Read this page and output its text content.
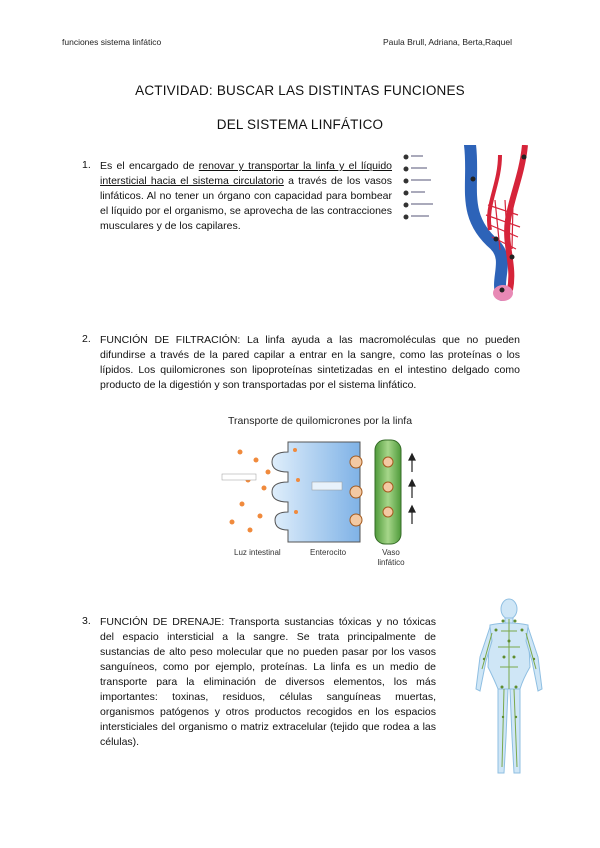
funciones sistema linfático	Paula Brull, Adriana, Berta,Raquel
ACTIVIDAD: BUSCAR LAS DISTINTAS FUNCIONES
DEL SISTEMA LINFÁTICO
1. Es el encargado de renovar y transportar la linfa y el líquido intersticial hacia el sistema circulatorio a través de los vasos linfáticos. Al no tener un órgano con capacidad para bombear el líquido por el organismo, se aprovecha de las contracciones musculares y de los capilares.
2. FUNCIÓN DE FILTRACIÓN: La linfa ayuda a las macromoléculas que no pueden difundirse a través de la pared capilar a entrar en la sangre, como las proteínas o los lípidos. Los quilomicrones son lipoproteínas sintetizadas en el intestino delgado como producto de la digestión y son transportadas por el sistema linfático.
Transporte de quilomicrones por la linfa
Luz intestinal	Enterocito	Vaso linfático
3. FUNCIÓN DE DRENAJE: Transporta sustancias tóxicas y no tóxicas del espacio intersticial a la sangre. Se trata principalmente de sustancias de alto peso molecular que no pueden pasar por los vasos sanguíneos, como por ejemplo, proteínas. La linfa es un medio de transporte para la eliminación de diversos elementos, los más importantes: toxinas, residuos, células sanguíneas muertas, organismos patógenos y otros productos recogidos en los espacios intersticiales del organismo o matriz extracelular (tejido que rodea a las células).
